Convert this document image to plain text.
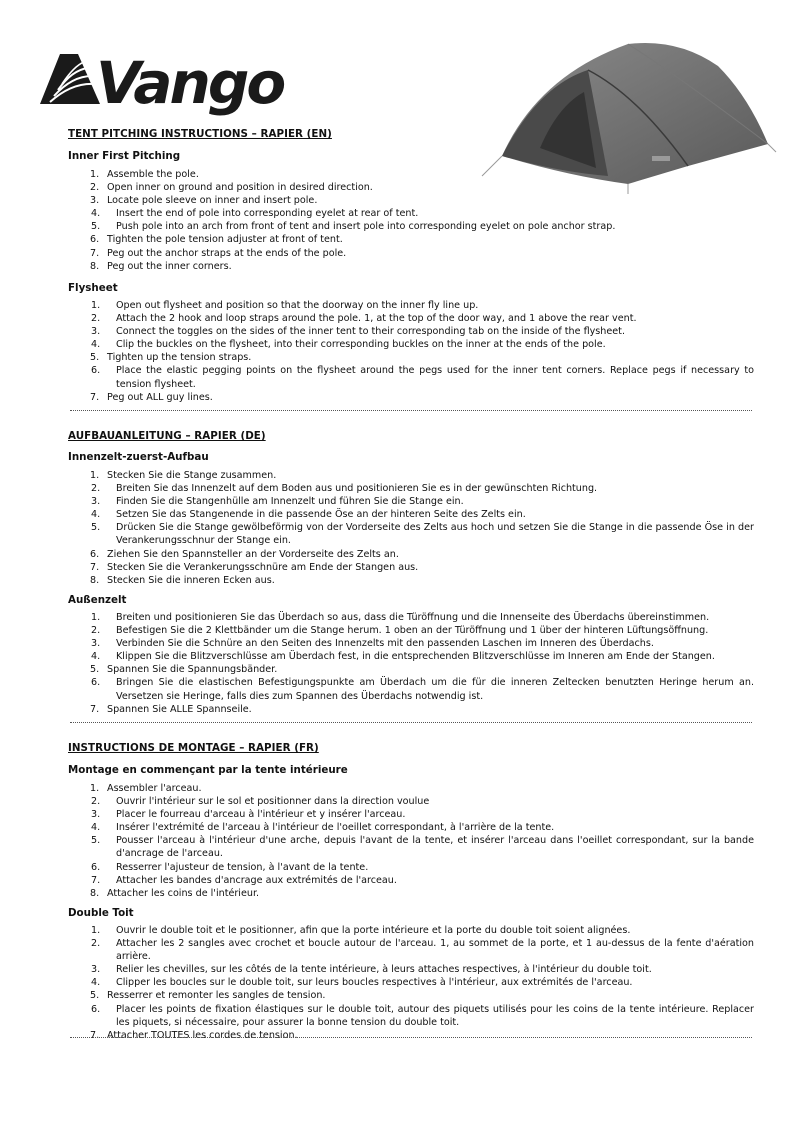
Vango
TENT PITCHING INSTRUCTIONS – RAPIER (EN)
Inner First Pitching
1. Assemble the pole.
2. Open inner on ground and position in desired direction.
3. Locate pole sleeve on inner and insert pole.
4. Insert the end of pole into corresponding eyelet at rear of tent.
5. Push pole into an arch from front of tent and insert pole into corresponding eyelet on pole anchor strap.
6. Tighten the pole tension adjuster at front of tent.
7. Peg out the anchor straps at the ends of the pole.
8. Peg out the inner corners.
Flysheet
1. Open out flysheet and position so that the doorway on the inner fly line up.
2. Attach the 2 hook and loop straps around the pole. 1, at the top of the door way, and 1 above the rear vent.
3. Connect the toggles on the sides of the inner tent to their corresponding tab on the inside of the flysheet.
4. Clip the buckles on the flysheet, into their corresponding buckles on the inner at the ends of the pole.
5. Tighten up the tension straps.
6. Place the elastic pegging points on the flysheet around the pegs used for the inner tent corners. Replace pegs if necessary to tension flysheet.
7. Peg out ALL guy lines.
AUFBAUANLEITUNG – RAPIER (DE)
Innenzelt-zuerst-Aufbau
1. Stecken Sie die Stange zusammen.
2. Breiten Sie das Innenzelt auf dem Boden aus und positionieren Sie es in der gewünschten Richtung.
3. Finden Sie die Stangenhülle am Innenzelt und führen Sie die Stange ein.
4. Setzen Sie das Stangenende in die passende Öse an der hinteren Seite des Zelts ein.
5. Drücken Sie die Stange gewölbeförmig von der Vorderseite des Zelts aus hoch und setzen Sie die Stange in die passende Öse in der Verankerungsschnur der Stange ein.
6. Ziehen Sie den Spannsteller an der Vorderseite des Zelts an.
7. Stecken Sie die Verankerungsschnüre am Ende der Stangen aus.
8. Stecken Sie die inneren Ecken aus.
Außenzelt
1. Breiten und positionieren Sie das Überdach so aus, dass die Türöffnung und die Innenseite des Überdachs übereinstimmen.
2. Befestigen Sie die 2 Klettbänder um die Stange herum. 1 oben an der Türöffnung und 1 über der hinteren Lüftungsöffnung.
3. Verbinden Sie die Schnüre an den Seiten des Innenzelts mit den passenden Laschen im Inneren des Überdachs.
4. Klippen Sie die Blitzverschlüsse am Überdach fest, in die entsprechenden Blitzverschlüsse im Inneren am Ende der Stangen.
5. Spannen Sie die Spannungsbänder.
6. Bringen Sie die elastischen Befestigungspunkte am Überdach um die für die inneren Zeltecken benutzten Heringe herum an. Versetzen sie Heringe, falls dies zum Spannen des Überdachs notwendig ist.
7. Spannen Sie ALLE Spannseile.
INSTRUCTIONS DE MONTAGE – RAPIER (FR)
Montage en commençant par la tente intérieure
1. Assembler l'arceau.
2. Ouvrir l'intérieur sur le sol et positionner dans la direction voulue
3. Placer le fourreau d'arceau à l'intérieur et y insérer l'arceau.
4. Insérer l'extrémité de l'arceau à l'intérieur de l'oeillet correspondant, à l'arrière de la tente.
5. Pousser l'arceau à l'intérieur d'une arche, depuis l'avant de la tente, et insérer l'arceau dans l'oeillet correspondant, sur la bande d'ancrage de l'arceau.
6. Resserrer l'ajusteur de tension, à l'avant de la tente.
7. Attacher les bandes d'ancrage aux extrémités de l'arceau.
8. Attacher les coins de l'intérieur.
Double Toit
1. Ouvrir le double toit et le positionner, afin que la porte intérieure et la porte du double toit soient alignées.
2. Attacher les 2 sangles avec crochet et boucle autour de l'arceau. 1, au sommet de la porte, et 1 au-dessus de la fente d'aération arrière.
3. Relier les chevilles, sur les côtés de la tente intérieure, à leurs attaches respectives, à l'intérieur du double toit.
4. Clipper les boucles sur le double toit, sur leurs boucles respectives à l'intérieur, aux extrémités de l'arceau.
5. Resserrer et remonter les sangles de tension.
6. Placer les points de fixation élastiques sur le double toit, autour des piquets utilisés pour les coins de la tente intérieure. Replacer les piquets, si nécessaire, pour assurer la bonne tension du double toit.
7. Attacher TOUTES les cordes de tension.
